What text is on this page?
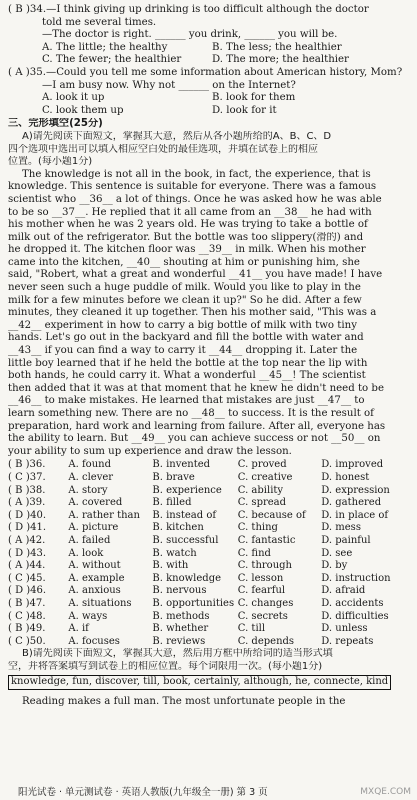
( B )34.—I think giving up drinking is too difficult although the doctor
told me several times.
—The doctor is right. ______ you drink, ______ you will be.
A. The little; the healthy	B. The less; the healthier
C. The fewer; the healthier	D. The more; the healthier
( A )35.—Could you tell me some information about American history, Mom?
—I am busy now. Why not ______ on the Internet?
A. look it up	B. look for them
C. look them up	D. look for it
三、完形填空(25分)
A)请先阅读下面短文，掌握其大意，然后从各小题所给的A、B、C、D
四个选项中选出可以填入相应空白处的最佳选项，并填在试卷上的相应
位置。(每小题1分)
The knowledge is not all in the book, in fact, the experience, that is
knowledge. This sentence is suitable for everyone. There was a famous
scientist who __36__ a lot of things. Once he was asked how he was able
to be so __37__. He replied that it all came from an __38__ he had with
his mother when he was 2 years old. He was trying to take a bottle of
milk out of the refrigerator. But the bottle was too slippery(滑的) and
he dropped it. The kitchen floor was __39__ in milk. When his mother
came into the kitchen, __40__ shouting at him or punishing him, she
said, "Robert, what a great and wonderful __41__ you have made! I have
never seen such a huge puddle of milk. Would you like to play in the
milk for a few minutes before we clean it up?" So he did. After a few
minutes, they cleaned it up together. Then his mother said, "This was a
__42__ experiment in how to carry a big bottle of milk with two tiny
hands. Let's go out in the backyard and fill the bottle with water and
__43__ if you can find a way to carry it __44__ dropping it. Later the
little boy learned that if he held the bottle at the top near the lip with
both hands, he could carry it. What a wonderful __45__! The scientist
then added that it was at that moment that he knew he didn't need to be
__46__ to make mistakes. He learned that mistakes are just __47__ to
learn something new. There are no __48__ to success. It is the result of
preparation, hard work and learning from failure. After all, everyone has
the ability to learn. But __49__ you can achieve success or not __50__ on
your ability to sum up experience and draw the lesson.
( B )36.	A. found	B. invented	C. proved	D. improved
( C )37.	A. clever	B. brave	C. creative	D. honest
( B )38.	A. story	B. experience	C. ability	D. expression
( A )39.	A. covered	B. filled	C. spread	D. gathered
( D )40.	A. rather than	B. instead of	C. because of	D. in place of
( D )41.	A. picture	B. kitchen	C. thing	D. mess
( A )42.	A. failed	B. successful	C. fantastic	D. painful
( D )43.	A. look	B. watch	C. find	D. see
( A )44.	A. without	B. with	C. through	D. by
( C )45.	A. example	B. knowledge	C. lesson	D. instruction
( D )46.	A. anxious	B. nervous	C. fearful	D. afraid
( B )47.	A. situations	B. opportunities	C. changes	D. accidents
( C )48.	A. ways	B. methods	C. secrets	D. difficulties
( B )49.	A. if	B. whether	C. till	D. unless
( C )50.	A. focuses	B. reviews	C. depends	D. repeats
B)请先阅读下面短文，掌握其大意，然后用方框中所给词的适当形式填
空，并将答案填写到试卷上的相应位置。每个词限用一次。(每小题1分)
knowledge, fun, discover, till, book, certainly, although, he, connecte, kind
Reading makes a full man. The most unfortunate people in the
阳光试卷 · 单元测试卷 · 英语人教版(九年级全一册) 第 3 页	MXQE.COM
